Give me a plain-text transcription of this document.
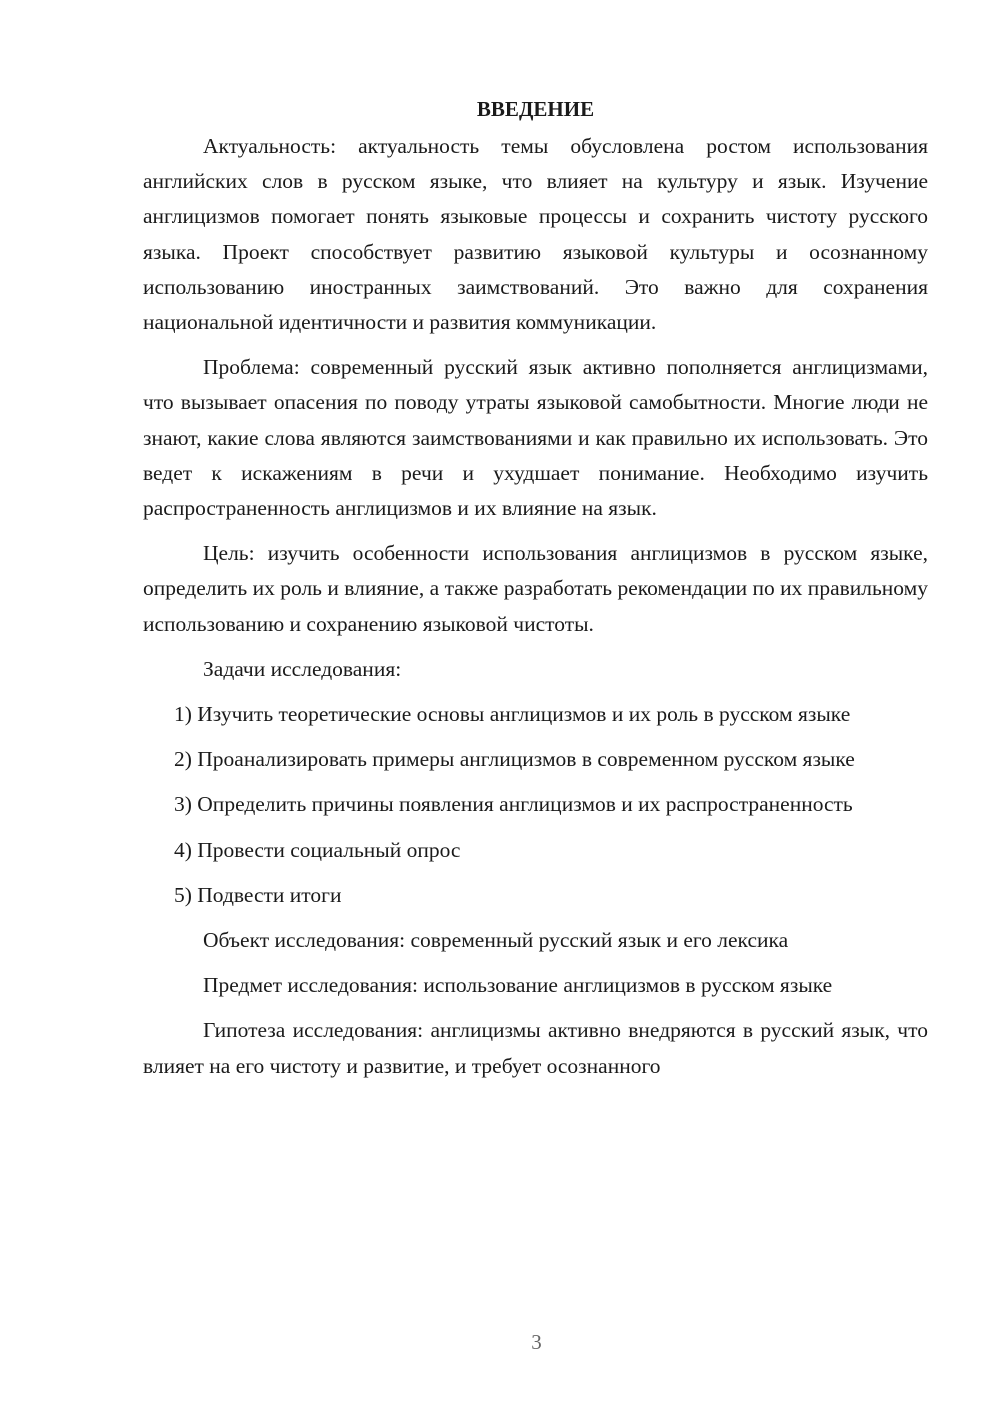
ВВЕДЕНИЕ

Актуальность: актуальность темы обусловлена ростом использования английских слов в русском языке, что влияет на культуру и язык. Изучение англицизмов помогает понять языковые процессы и сохранить чистоту русского языка. Проект способствует развитию языковой культуры и осознанному использованию иностранных заимствований. Это важно для сохранения национальной идентичности и развития коммуникации.

Проблема: современный русский язык активно пополняется англицизмами, что вызывает опасения по поводу утраты языковой самобытности. Многие люди не знают, какие слова являются заимствованиями и как правильно их использовать. Это ведет к искажениям в речи и ухудшает понимание. Необходимо изучить распространенность англицизмов и их влияние на язык.

Цель: изучить особенности использования англицизмов в русском языке, определить их роль и влияние, а также разработать рекомендации по их правильному использованию и сохранению языковой чистоты.

Задачи исследования:

1) Изучить теоретические основы англицизмов и их роль в русском языке

2) Проанализировать примеры англицизмов в современном русском языке

3) Определить причины появления англицизмов и их распространенность

4) Провести социальный опрос

5) Подвести итоги

Объект исследования: современный русский язык и его лексика

Предмет исследования: использование англицизмов в русском языке

Гипотеза исследования: англицизмы активно внедряются в русский язык, что влияет на его чистоту и развитие, и требует осознанного

3
